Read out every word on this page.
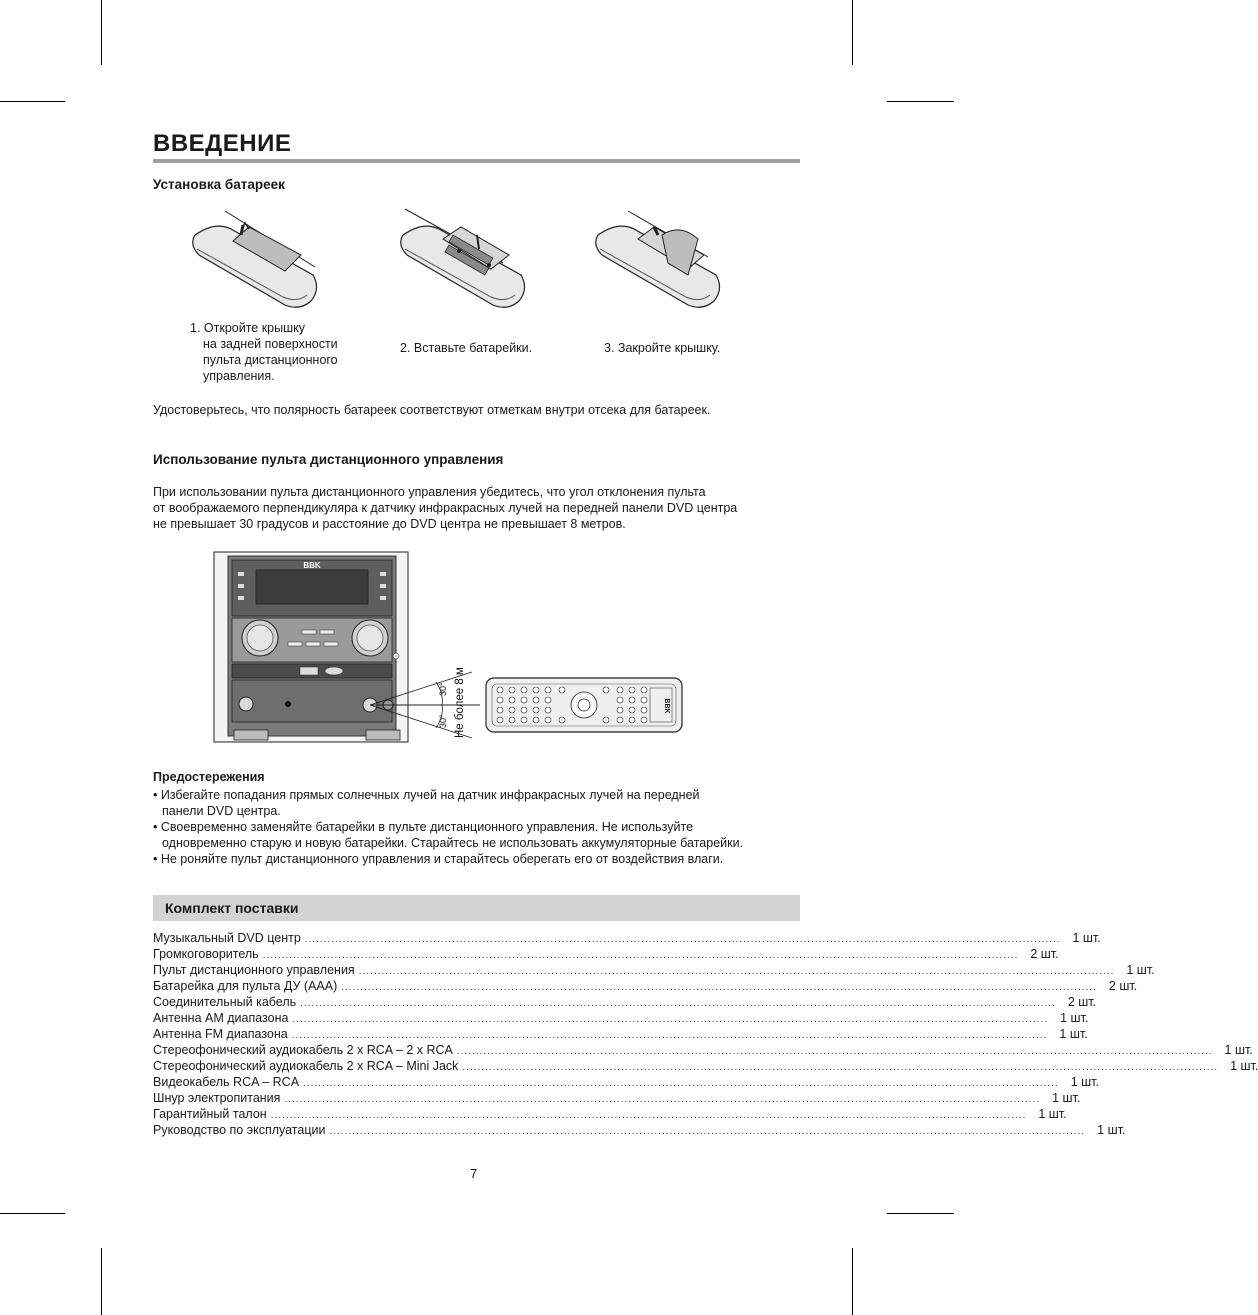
ВВЕДЕНИЕ
Установка батареек
1. Откройте крышку
на задней поверхности
пульта дистанционного
управления.
2. Вставьте батарейки.	3. Закройте крышку.
Удостоверьтесь, что полярность батареек соответствуют отметкам внутри отсека для батареек.
Использование пульта дистанционного управления
При использовании пульта дистанционного управления убедитесь, что угол отклонения пульта
от воображаемого перпендикуляра к датчику инфракрасных лучей на передней панели DVD центра
не превышает 30 градусов и расстояние до DVD центра не превышает 8 метров.
BBK
30°
30° Не более 8 м	BBK
Предостережения
• Избегайте попадания прямых солнечных лучей на датчик инфракрасных лучей на передней
панели DVD центра.
• Своевременно заменяйте батарейки в пульте дистанционного управления. Не используйте
одновременно старую и новую батарейки. Старайтесь не использовать аккумуляторные батарейки.
• Не роняйте пульт дистанционного управления и старайтесь оберегать его от воздействия влаги.
Комплект поставки
Музыкальный DVD центр ........................................................................................................................................................................................................ 1 шт.
Громкоговоритель ........................................................................................................................................................................................................ 2 шт.
Пульт дистанционного управления ........................................................................................................................................................................................................ 1 шт.
Батарейка для пульта ДУ (ААА) ........................................................................................................................................................................................................ 2 шт.
Соединительный кабель ........................................................................................................................................................................................................ 2 шт.
Антенна AM диапазона ........................................................................................................................................................................................................ 1 шт.
Антенна FM диапазона ........................................................................................................................................................................................................ 1 шт.
Стереофонический аудиокабель 2 x RCA – 2 x RCA ........................................................................................................................................................................................................ 1 шт.
Стереофонический аудиокабель 2 x RCA – Mini Jack ........................................................................................................................................................................................................ 1 шт.
Видеокабель RCA – RCA ........................................................................................................................................................................................................ 1 шт.
Шнур электропитания ........................................................................................................................................................................................................ 1 шт.
Гарантийный талон ........................................................................................................................................................................................................ 1 шт.
Руководство по эксплуатации ........................................................................................................................................................................................................ 1 шт.
7
